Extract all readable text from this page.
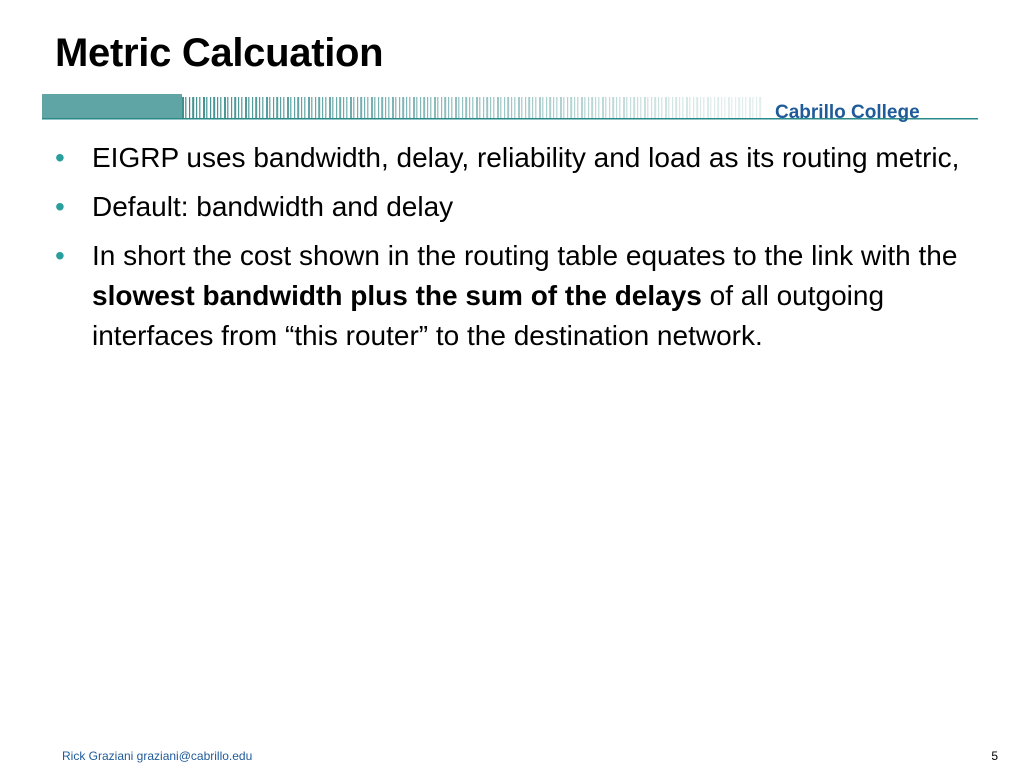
Metric Calcuation
Cabrillo College
• EIGRP uses bandwidth, delay, reliability and load as its routing metric,
• Default: bandwidth and delay
• In short the cost shown in the routing table equates to the link with the slowest bandwidth plus the sum of the delays of all outgoing interfaces from “this router” to the destination network.
Rick Graziani graziani@cabrillo.edu	5
